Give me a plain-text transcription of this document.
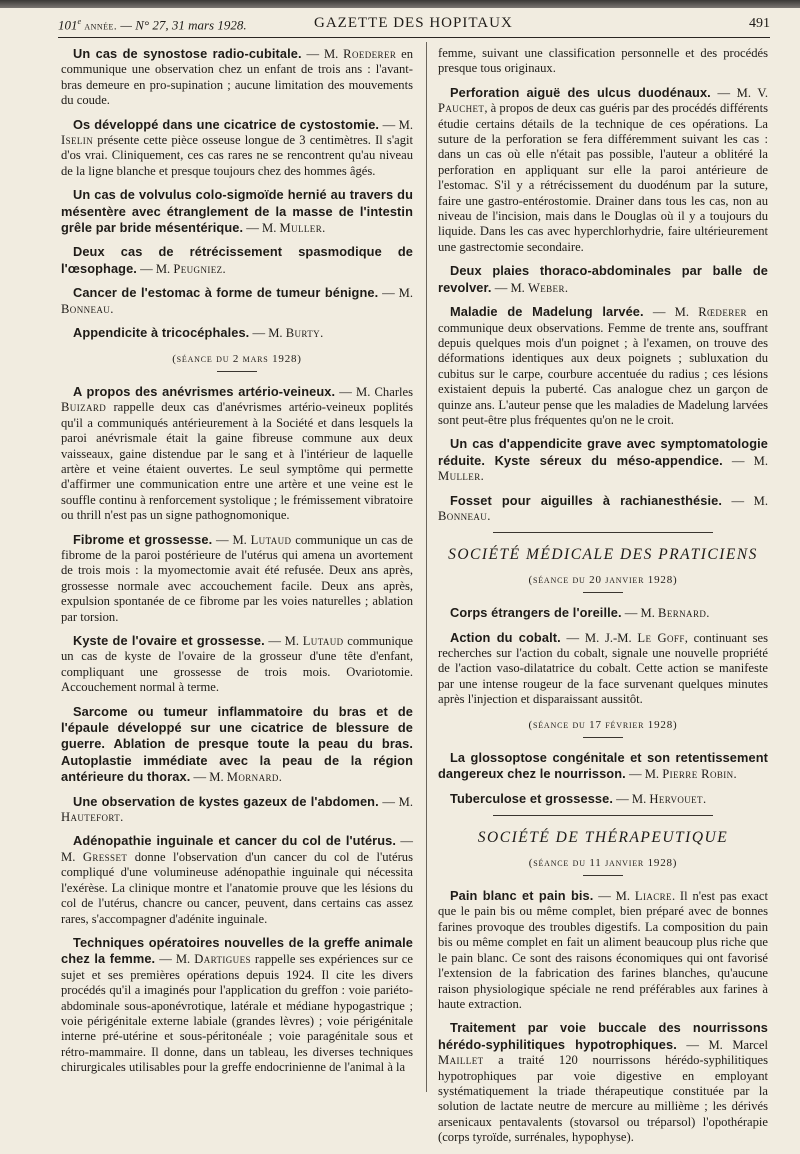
101e année. — N° 27, 31 mars 1928.	GAZETTE DES HOPITAUX	491

Un cas de synostose radio-cubitale. — M. Roederer en communique une observation chez un enfant de trois ans : l'avant-bras demeure en pro-supination ; aucune limitation des mouvements du coude.

Os développé dans une cicatrice de cystostomie. — M. Iselin présente cette pièce osseuse longue de 3 centimètres. Il s'agit d'os vrai. Cliniquement, ces cas rares ne se rencontrent qu'au niveau de la ligne blanche et presque toujours chez des hommes âgés.

Un cas de volvulus colo-sigmoïde hernié au travers du mésentère avec étranglement de la masse de l'intestin grêle par bride mésentérique. — M. Muller.

Deux cas de rétrécissement spasmodique de l'œsophage. — M. Peugniez.

Cancer de l'estomac à forme de tumeur bénigne. — M. Bonneau.

Appendicite à tricocéphales. — M. Burty.

(séance du 2 mars 1928)

A propos des anévrismes artério-veineux. — M. Charles Buizard rappelle deux cas d'anévrismes artério-veineux poplités qu'il a communiqués antérieurement à la Société et dans lesquels la paroi anévrismale était la gaine fibreuse commune aux deux vaisseaux, gaine distendue par le sang et à l'intérieur de laquelle artère et veine étaient ouvertes. Le seul symptôme qui permette d'affirmer une communication entre une artère et une veine est le souffle continu à renforcement systolique ; le frémissement vibratoire ou thrill n'est pas un signe pathognomonique.

Fibrome et grossesse. — M. Lutaud communique un cas de fibrome de la paroi postérieure de l'utérus qui amena un avortement de trois mois : la myomectomie avait été refusée. Deux ans après, grossesse normale avec accouchement facile. Deux ans après, expulsion spontanée de ce fibrome par les voies naturelles ; ablation par torsion.

Kyste de l'ovaire et grossesse. — M. Lutaud communique un cas de kyste de l'ovaire de la grosseur d'une tête d'enfant, compliquant une grossesse de trois mois. Ovariotomie. Accouchement normal à terme.

Sarcome ou tumeur inflammatoire du bras et de l'épaule développé sur une cicatrice de blessure de guerre. Ablation de presque toute la peau du bras. Autoplastie immédiate avec la peau de la région antérieure du thorax. — M. Mornard.

Une observation de kystes gazeux de l'abdomen. — M. Hautefort.

Adénopathie inguinale et cancer du col de l'utérus. — M. Gresset donne l'observation d'un cancer du col de l'utérus compliqué d'une volumineuse adénopathie inguinale qui nécessita l'exérèse. La clinique montre et l'anatomie prouve que les lésions du col de l'utérus, chancre ou cancer, peuvent, dans certains cas assez rares, s'accompagner d'adénite inguinale.

Techniques opératoires nouvelles de la greffe animale chez la femme. — M. Dartigues rappelle ses expériences sur ce sujet et ses premières opérations depuis 1924. Il cite les divers procédés qu'il a imaginés pour l'application du greffon : voie pariéto-abdominale sous-aponévrotique, latérale et médiane hypogastrique ; voie périgénitale externe labiale (grandes lèvres) ; voie périgénitale interne pré-utérine et sous-péritonéale ; voie paragénitale sous et rétro-mammaire. Il donne, dans un tableau, les diverses techniques chirurgicales utilisables pour la greffe endocrinienne de l'animal à la

femme, suivant une classification personnelle et des procédés presque tous originaux.

Perforation aiguë des ulcus duodénaux. — M. V. Pauchet, à propos de deux cas guéris par des procédés différents étudie certains détails de la technique de ces opérations. La suture de la perforation se fera différemment suivant les cas : dans un cas où elle n'était pas possible, l'auteur a oblitéré la perforation en appliquant sur elle la paroi antérieure de l'estomac. S'il y a rétrécissement du duodénum par la suture, faire une gastro-entérostomie. Drainer dans tous les cas, non au niveau de l'incision, mais dans le Douglas où il y a toujours du liquide. Dans les cas avec hyperchlorhydrie, faire ultérieurement une gastrectomie secondaire.

Deux plaies thoraco-abdominales par balle de revolver. — M. Weber.

Maladie de Madelung larvée. — M. Rœderer en communique deux observations. Femme de trente ans, souffrant depuis quelques mois d'un poignet ; à l'examen, on trouve des déformations identiques aux deux poignets ; subluxation du cubitus sur le carpe, courbure accentuée du radius ; ces lésions existaient depuis la puberté. Cas analogue chez un garçon de quinze ans. L'auteur pense que les maladies de Madelung larvées sont peut-être plus fréquentes qu'on ne le croit.

Un cas d'appendicite grave avec symptomatologie réduite. Kyste séreux du méso-appendice. — M. Muller.

Fosset pour aiguilles à rachianesthésie. — M. Bonneau.

SOCIÉTÉ MÉDICALE DES PRATICIENS
(séance du 20 janvier 1928)

Corps étrangers de l'oreille. — M. Bernard.

Action du cobalt. — M. J.-M. Le Goff, continuant ses recherches sur l'action du cobalt, signale une nouvelle propriété de l'action vaso-dilatatrice du cobalt. Cette action se manifeste par une intense rougeur de la face survenant quelques minutes après l'injection et disparaissant aussitôt.

(séance du 17 février 1928)

La glossoptose congénitale et son retentissement dangereux chez le nourrisson. — M. Pierre Robin.

Tuberculose et grossesse. — M. Hervouet.

SOCIÉTÉ DE THÉRAPEUTIQUE
(séance du 11 janvier 1928)

Pain blanc et pain bis. — M. Liacre. Il n'est pas exact que le pain bis ou même complet, bien préparé avec de bonnes farines provoque des troubles digestifs. La composition du pain bis ou même complet en fait un aliment beaucoup plus riche que le pain blanc. Ce sont des raisons économiques qui ont favorisé l'extension de la fabrication des farines blanches, qu'aucune raison physiologique spéciale ne rend préférables aux farines à haute extraction.

Traitement par voie buccale des nourrissons hérédo-syphilitiques hypotrophiques. — M. Marcel Maillet a traité 120 nourrissons hérédo-syphilitiques hypotrophiques par voie digestive en employant systématiquement la triade thérapeutique constituée par la solution de lactate neutre de mercure au millième ; les dérivés arsenicaux pentavalents (stovarsol ou tréparsol) l'opothérapie (corps tyroïde, surrénales, hypophyse).
